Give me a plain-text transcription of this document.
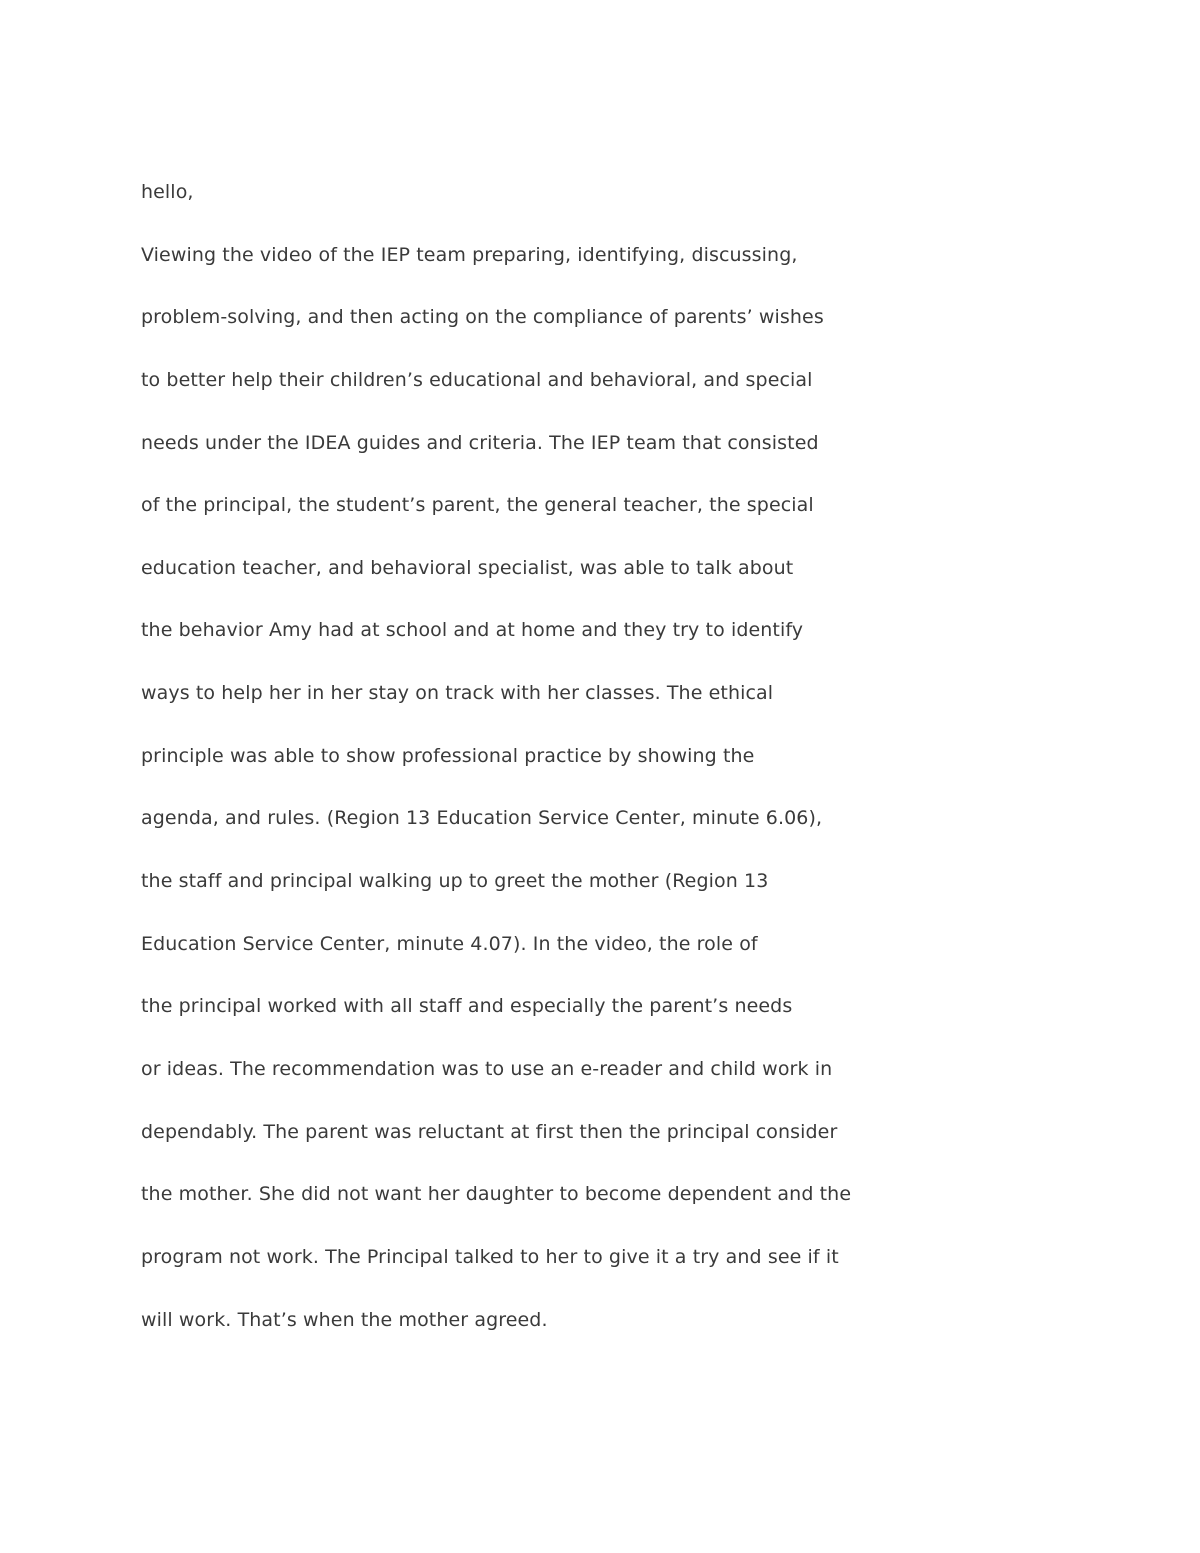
hello,

Viewing the video of the IEP team preparing, identifying, discussing,

problem-solving, and then acting on the compliance of parents’ wishes

to better help their children’s educational and behavioral, and special

needs under the IDEA guides and criteria. The IEP team that consisted

of the principal, the student’s parent, the general teacher, the special

education teacher, and behavioral specialist, was able to talk about

the behavior Amy had at school and at home and they try to identify

ways to help her in her stay on track with her classes. The ethical

principle was able to show professional practice by showing the

agenda, and rules. (Region 13 Education Service Center, minute 6.06),

the staff and principal walking up to greet the mother (Region 13

Education Service Center, minute 4.07). In the video, the role of

the principal worked with all staff and especially the parent’s needs

or ideas. The recommendation was to use an e-reader and child work in

dependably. The parent was reluctant at first then the principal consider

the mother. She did not want her daughter to become dependent and the

program not work. The Principal talked to her to give it a try and see if it

will work. That’s when the mother agreed.
